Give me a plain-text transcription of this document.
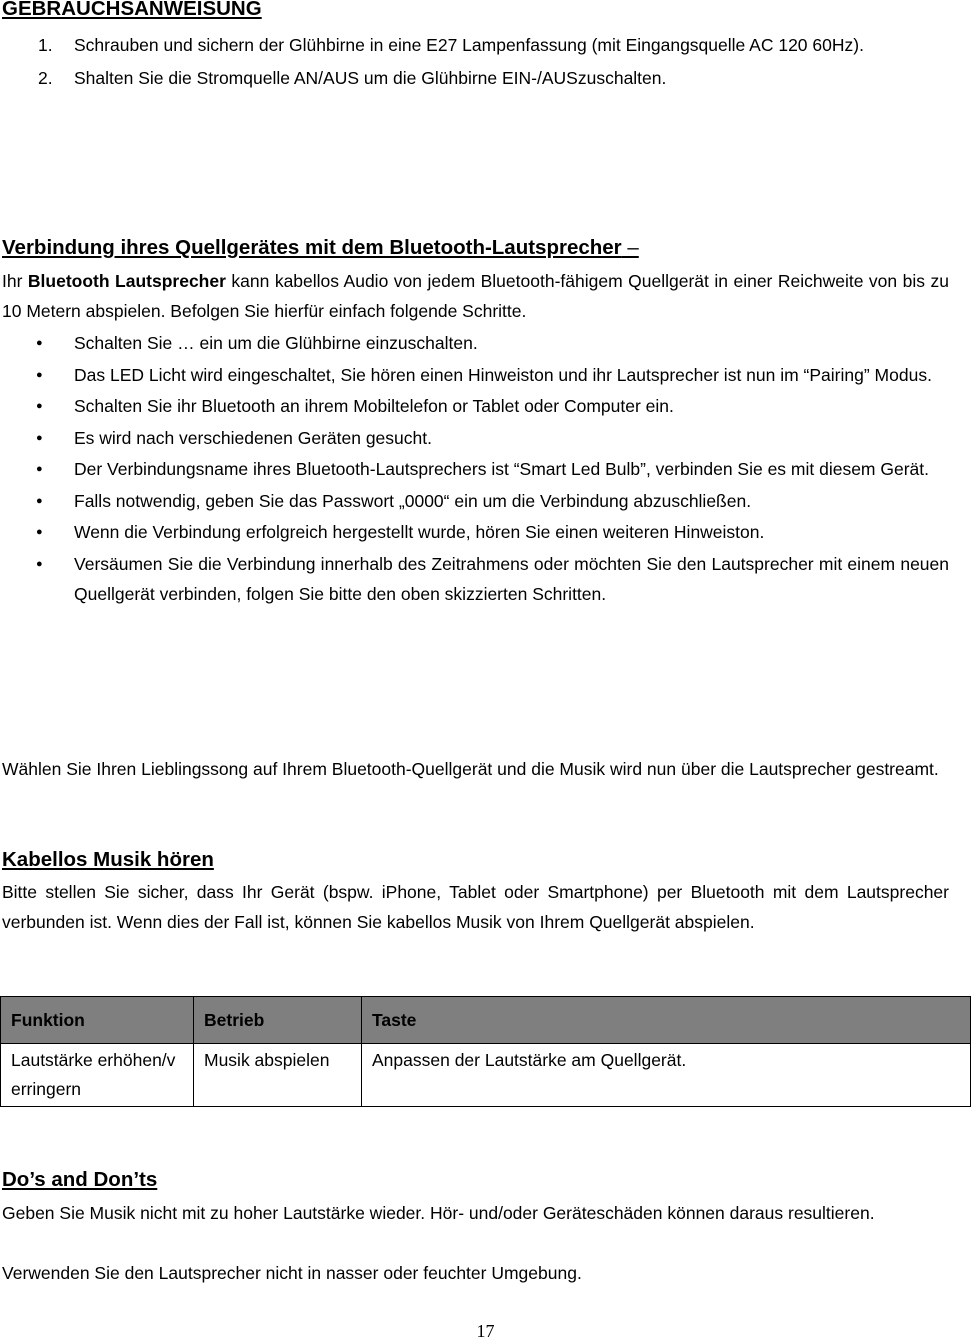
GEBRAUCHSANWEISUNG
1. Schrauben und sichern der Glühbirne in eine E27 Lampenfassung (mit Eingangsquelle AC 120 60Hz).
2. Shalten Sie die Stromquelle AN/AUS um die Glühbirne EIN-/AUSzuschalten.
Verbindung ihres Quellgerätes mit dem Bluetooth-Lautsprecher –

Ihr Bluetooth Lautsprecher kann kabellos Audio von jedem Bluetooth-fähigem Quellgerät in einer Reichweite von bis zu 10 Metern abspielen. Befolgen Sie hierfür einfach folgende Schritte.

● Schalten Sie … ein um die Glühbirne einzuschalten.
● Das LED Licht wird eingeschaltet, Sie hören einen Hinweiston und ihr Lautsprecher ist nun im “Pairing” Modus.
● Schalten Sie ihr Bluetooth an ihrem Mobiltelefon or Tablet oder Computer ein.
● Es wird nach verschiedenen Geräten gesucht.
● Der Verbindungsname ihres Bluetooth-Lautsprechers ist “Smart Led Bulb”, verbinden Sie es mit diesem Gerät.
● Falls notwendig, geben Sie das Passwort „0000“ ein um die Verbindung abzuschließen.
● Wenn die Verbindung erfolgreich hergestellt wurde, hören Sie einen weiteren Hinweiston.
● Versäumen Sie die Verbindung innerhalb des Zeitrahmens oder möchten Sie den Lautsprecher mit einem neuen Quellgerät verbinden, folgen Sie bitte den oben skizzierten Schritten.

Wählen Sie Ihren Lieblingssong auf Ihrem Bluetooth-Quellgerät und die Musik wird nun über die Lautsprecher gestreamt.

Kabellos Musik hören

Bitte stellen Sie sicher, dass Ihr Gerät (bspw. iPhone, Tablet oder Smartphone) per Bluetooth mit dem Lautsprecher verbunden ist. Wenn dies der Fall ist, können Sie kabellos Musik von Ihrem Quellgerät abspielen.

Funktion	Betrieb	Taste
Lautstärke erhöhen/verringern	Musik abspielen	Anpassen der Lautstärke am Quellgerät.
Do’s and Don’ts

Geben Sie Musik nicht mit zu hoher Lautstärke wieder. Hör- und/oder Geräteschäden können daraus resultieren.

Verwenden Sie den Lautsprecher nicht in nasser oder feuchter Umgebung.

17
